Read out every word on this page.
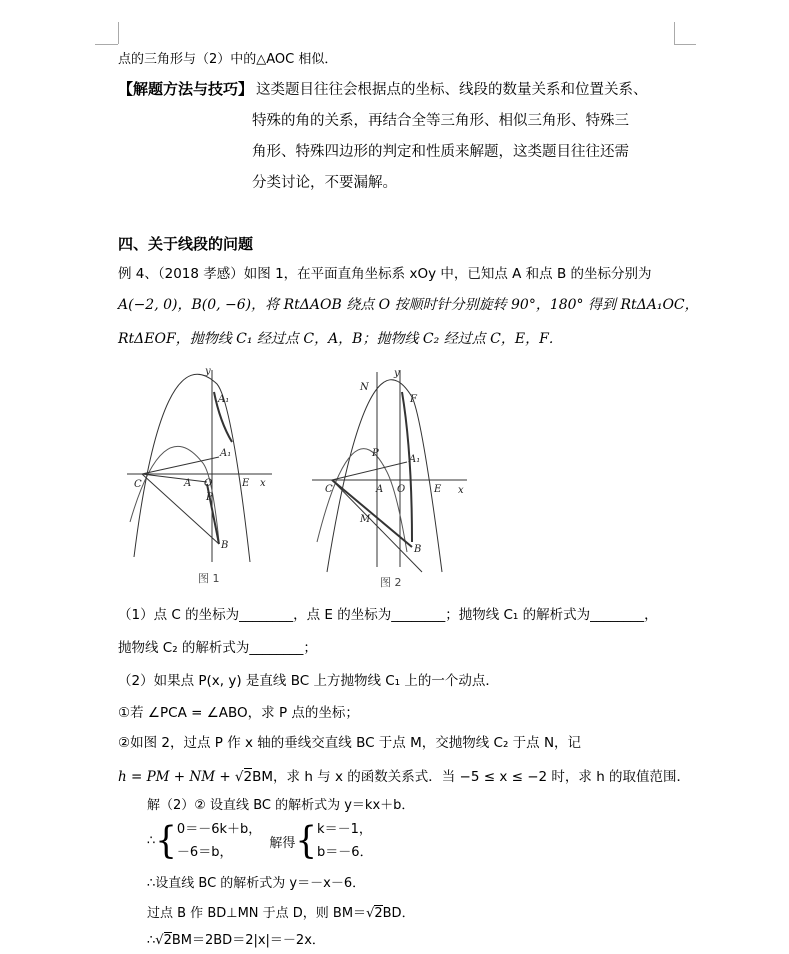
点的三角形与（2）中的△AOC 相似．
【解题方法与技巧】 这类题目往往会根据点的坐标、线段的数量关系和位置关系、
特殊的角的关系，再结合全等三角形、相似三角形、特殊三
角形、特殊四边形的判定和性质来解题，这类题目往往还需
分类讨论，不要漏解。
四、关于线段的问题
例 4、（2018 孝感）如图 1，在平面直角坐标系 xOy 中，已知点 A 和点 B 的坐标分别为
A(−2, 0)，B(0, −6)，将 RtΔAOB 绕点 O 按顺时针分别旋转 90°，180° 得到 RtΔA₁OC，
RtΔEOF，抛物线 C₁ 经过点 C，A，B；抛物线 C₂ 经过点 C，E，F．
y
x
C	A O	E
B
P
A₁
A₁
y
x
C	A O	E
B
P
A₁
F
N
M
图 1	图 2
（1）点 C 的坐标为________，点 E 的坐标为________；抛物线 C₁ 的解析式为________，
抛物线 C₂ 的解析式为________；
（2）如果点 P(x, y) 是直线 BC 上方抛物线 C₁ 上的一个动点．
①若 ∠PCA = ∠ABO，求 P 点的坐标；
②如图 2，过点 P 作 x 轴的垂线交直线 BC 于点 M，交抛物线 C₂ 于点 N，记
h = PM + NM + √2BM，求 h 与 x 的函数关系式．当 −5 ≤ x ≤ −2 时，求 h 的取值范围．
解（2）② 设直线 BC 的解析式为 y＝kx＋b．
∴{0＝－6k＋b，
－6＝b， 解得{k＝－1，
b＝－6．
∴设直线 BC 的解析式为 y＝－x－6．
过点 B 作 BD⊥MN 于点 D，则 BM＝√2BD．
∴√2BM＝2BD＝2|x|＝－2x．
